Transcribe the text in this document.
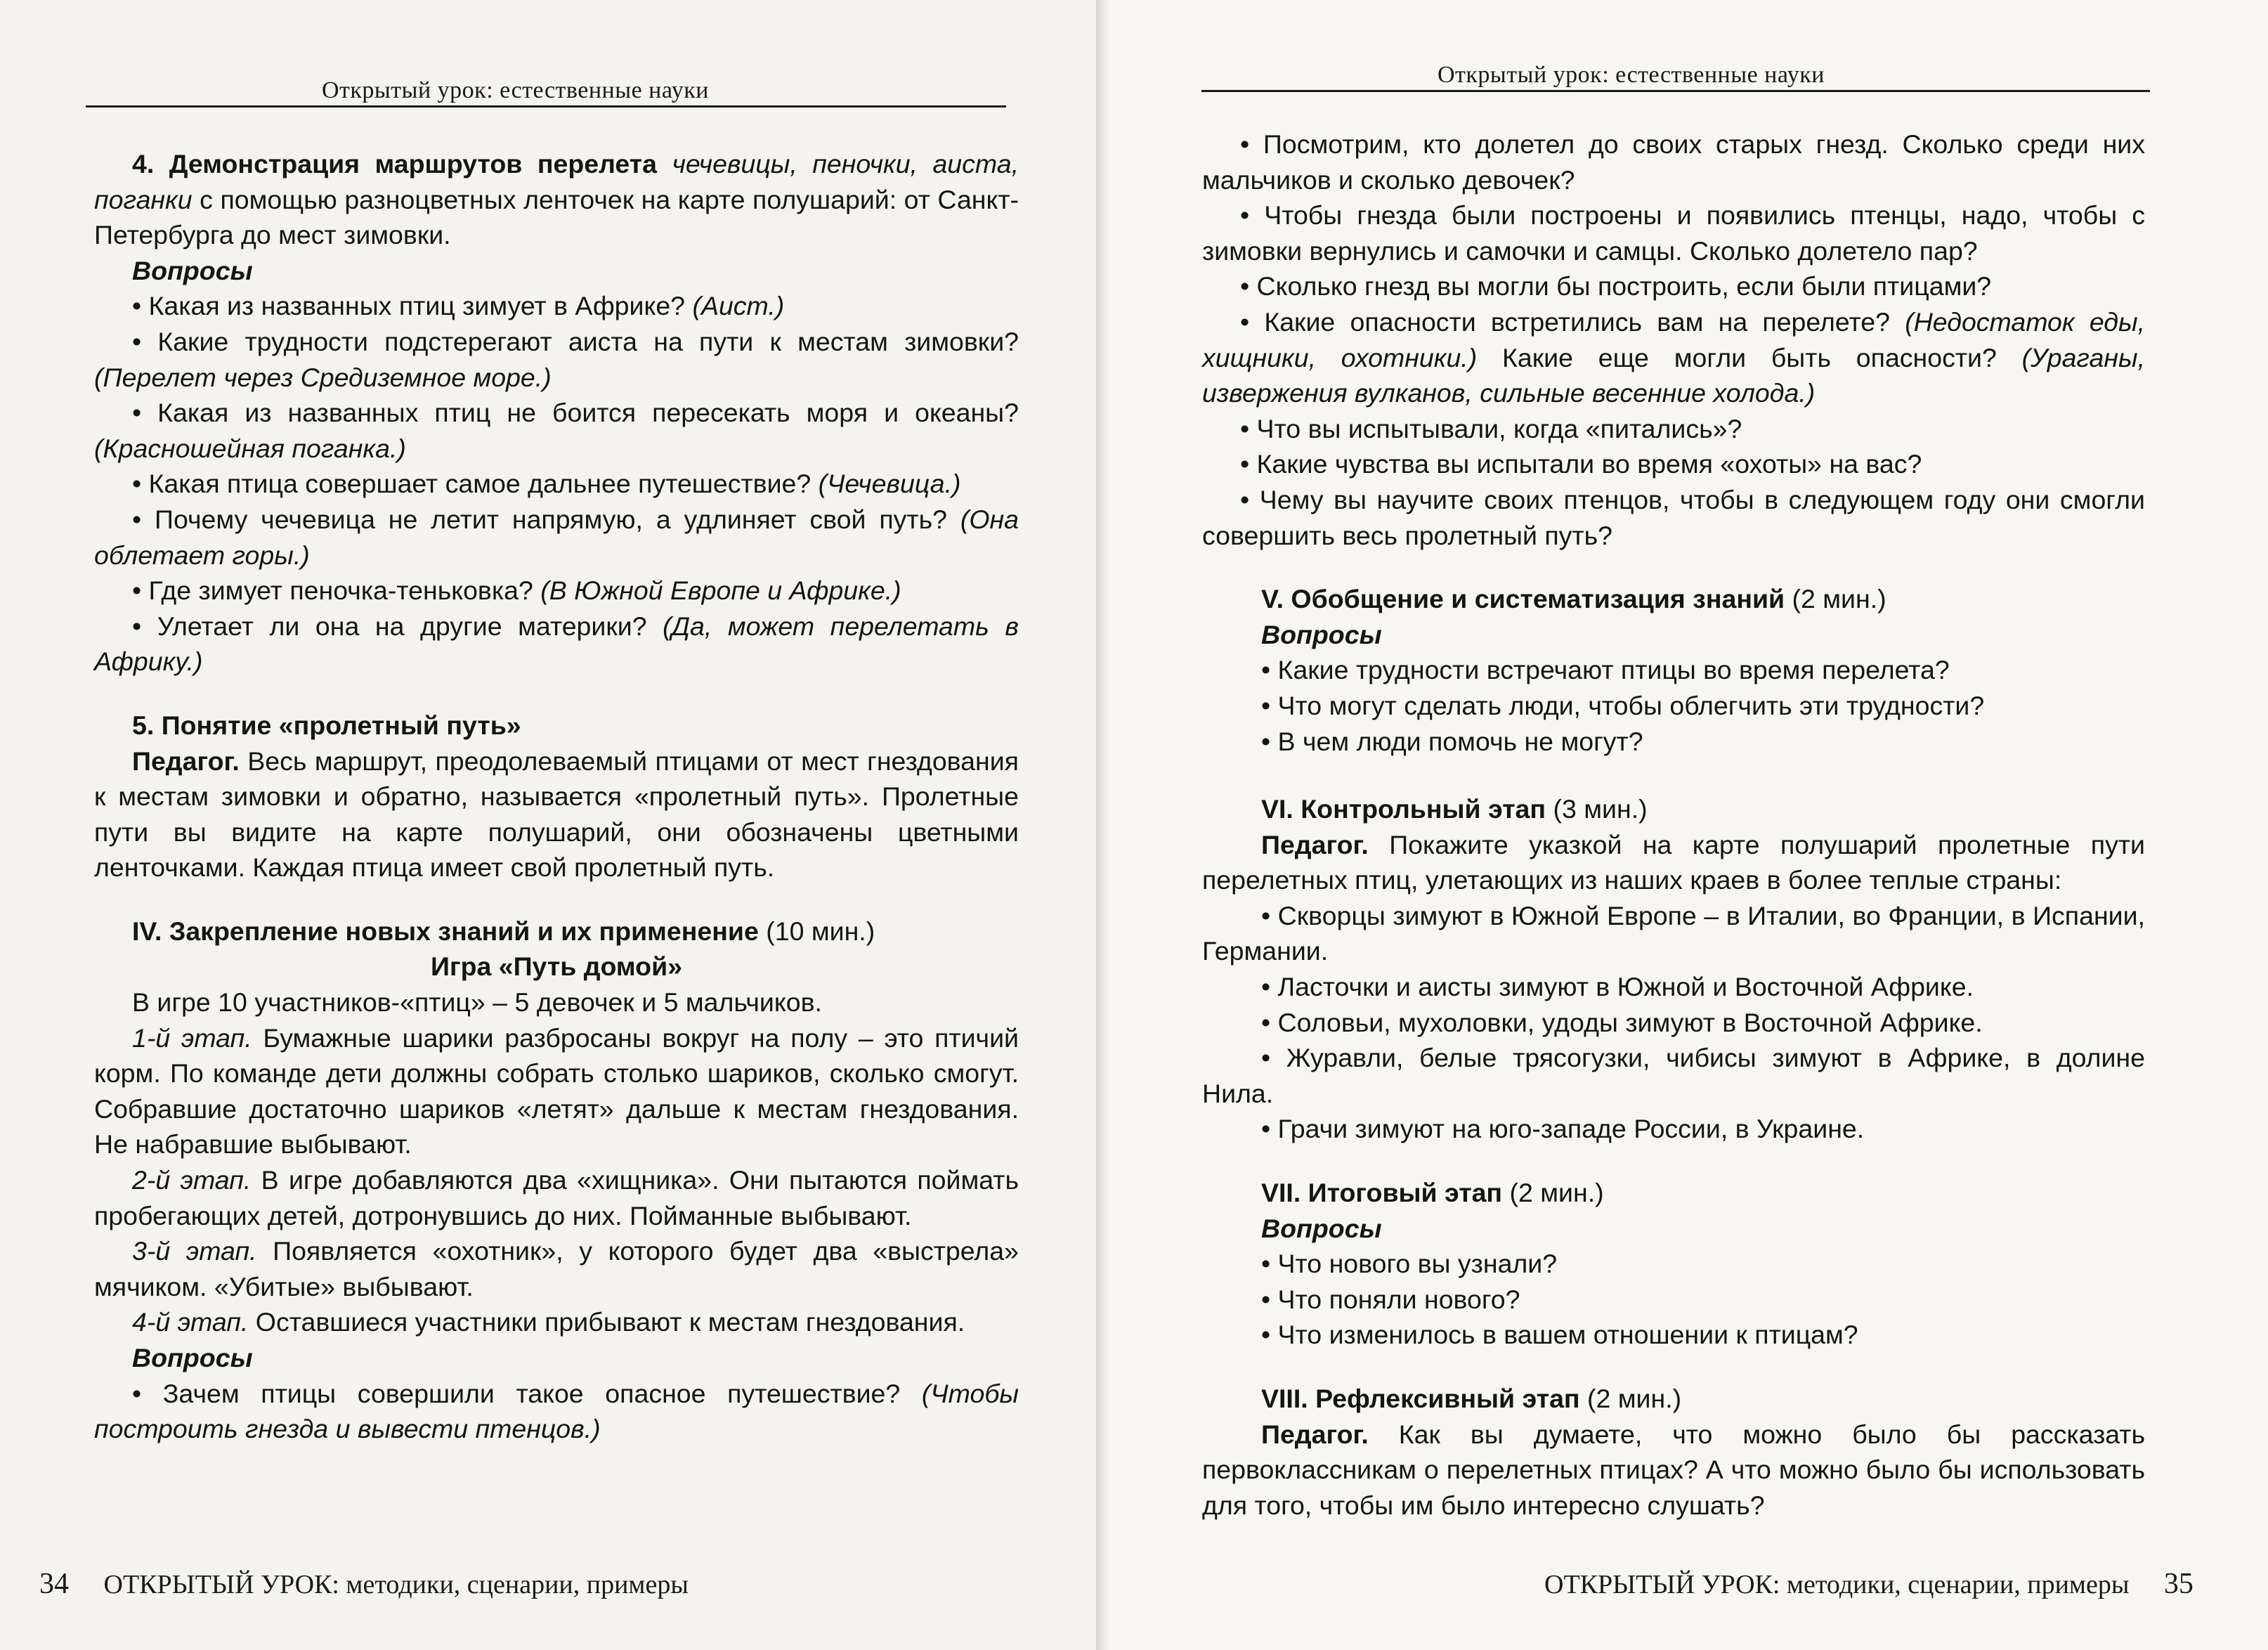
Открытый урок: естественные науки

4. Демонстрация маршрутов перелета чечевицы, пеночки, аиста, поганки с помощью разноцветных ленточек на карте полушарий: от Санкт-Петербурга до мест зимовки.

Вопросы

• Какая из названных птиц зимует в Африке? (Аист.)

• Какие трудности подстерегают аиста на пути к местам зимовки? (Перелет через Средиземное море.)

• Какая из названных птиц не боится пересекать моря и океаны? (Красношейная поганка.)

• Какая птица совершает самое дальнее путешествие? (Чечевица.)

• Почему чечевица не летит напрямую, а удлиняет свой путь? (Она облетает горы.)

• Где зимует пеночка-теньковка? (В Южной Европе и Африке.)

• Улетает ли она на другие материки? (Да, может перелетать в Африку.)

5. Понятие «пролетный путь»

Педагог. Весь маршрут, преодолеваемый птицами от мест гнездования к местам зимовки и обратно, называется «пролетный путь». Пролетные пути вы видите на карте полушарий, они обозначены цветными ленточками. Каждая птица имеет свой пролетный путь.

IV. Закрепление новых знаний и их применение (10 мин.)

Игра «Путь домой»

В игре 10 участников-«птиц» – 5 девочек и 5 мальчиков.

1-й этап. Бумажные шарики разбросаны вокруг на полу – это птичий корм. По команде дети должны собрать столько шариков, сколько смогут. Собравшие достаточно шариков «летят» дальше к местам гнездования. Не набравшие выбывают.

2-й этап. В игре добавляются два «хищника». Они пытаются поймать пробегающих детей, дотронувшись до них. Пойманные выбывают.

3-й этап. Появляется «охотник», у которого будет два «выстрела» мячиком. «Убитые» выбывают.

4-й этап. Оставшиеся участники прибывают к местам гнездования.

Вопросы

• Зачем птицы совершили такое опасное путешествие? (Чтобы построить гнезда и вывести птенцов.)

34 ОТКРЫТЫЙ УРОК: методики, сценарии, примеры
Открытый урок: естественные науки

• Посмотрим, кто долетел до своих старых гнезд. Сколько среди них мальчиков и сколько девочек?

• Чтобы гнезда были построены и появились птенцы, надо, чтобы с зимовки вернулись и самочки и самцы. Сколько долетело пар?

• Сколько гнезд вы могли бы построить, если были птицами?

• Какие опасности встретились вам на перелете? (Недостаток еды, хищники, охотники.) Какие еще могли быть опасности? (Ураганы, извержения вулканов, сильные весенние холода.)

• Что вы испытывали, когда «питались»?

• Какие чувства вы испытали во время «охоты» на вас?

• Чему вы научите своих птенцов, чтобы в следующем году они смогли совершить весь пролетный путь?

V. Обобщение и систематизация знаний (2 мин.)

Вопросы

• Какие трудности встречают птицы во время перелета?

• Что могут сделать люди, чтобы облегчить эти трудности?

• В чем люди помочь не могут?

VI. Контрольный этап (3 мин.)

Педагог. Покажите указкой на карте полушарий пролетные пути перелетных птиц, улетающих из наших краев в более теплые страны:

• Скворцы зимуют в Южной Европе – в Италии, во Франции, в Испании, Германии.

• Ласточки и аисты зимуют в Южной и Восточной Африке.

• Соловьи, мухоловки, удоды зимуют в Восточной Африке.

• Журавли, белые трясогузки, чибисы зимуют в Африке, в долине Нила.

• Грачи зимуют на юго-западе России, в Украине.

VII. Итоговый этап (2 мин.)

Вопросы

• Что нового вы узнали?

• Что поняли нового?

• Что изменилось в вашем отношении к птицам?

VIII. Рефлексивный этап (2 мин.)

Педагог. Как вы думаете, что можно было бы рассказать первоклассникам о перелетных птицах? А что можно было бы использовать для того, чтобы им было интересно слушать?

ОТКРЫТЫЙ УРОК: методики, сценарии, примеры 35
